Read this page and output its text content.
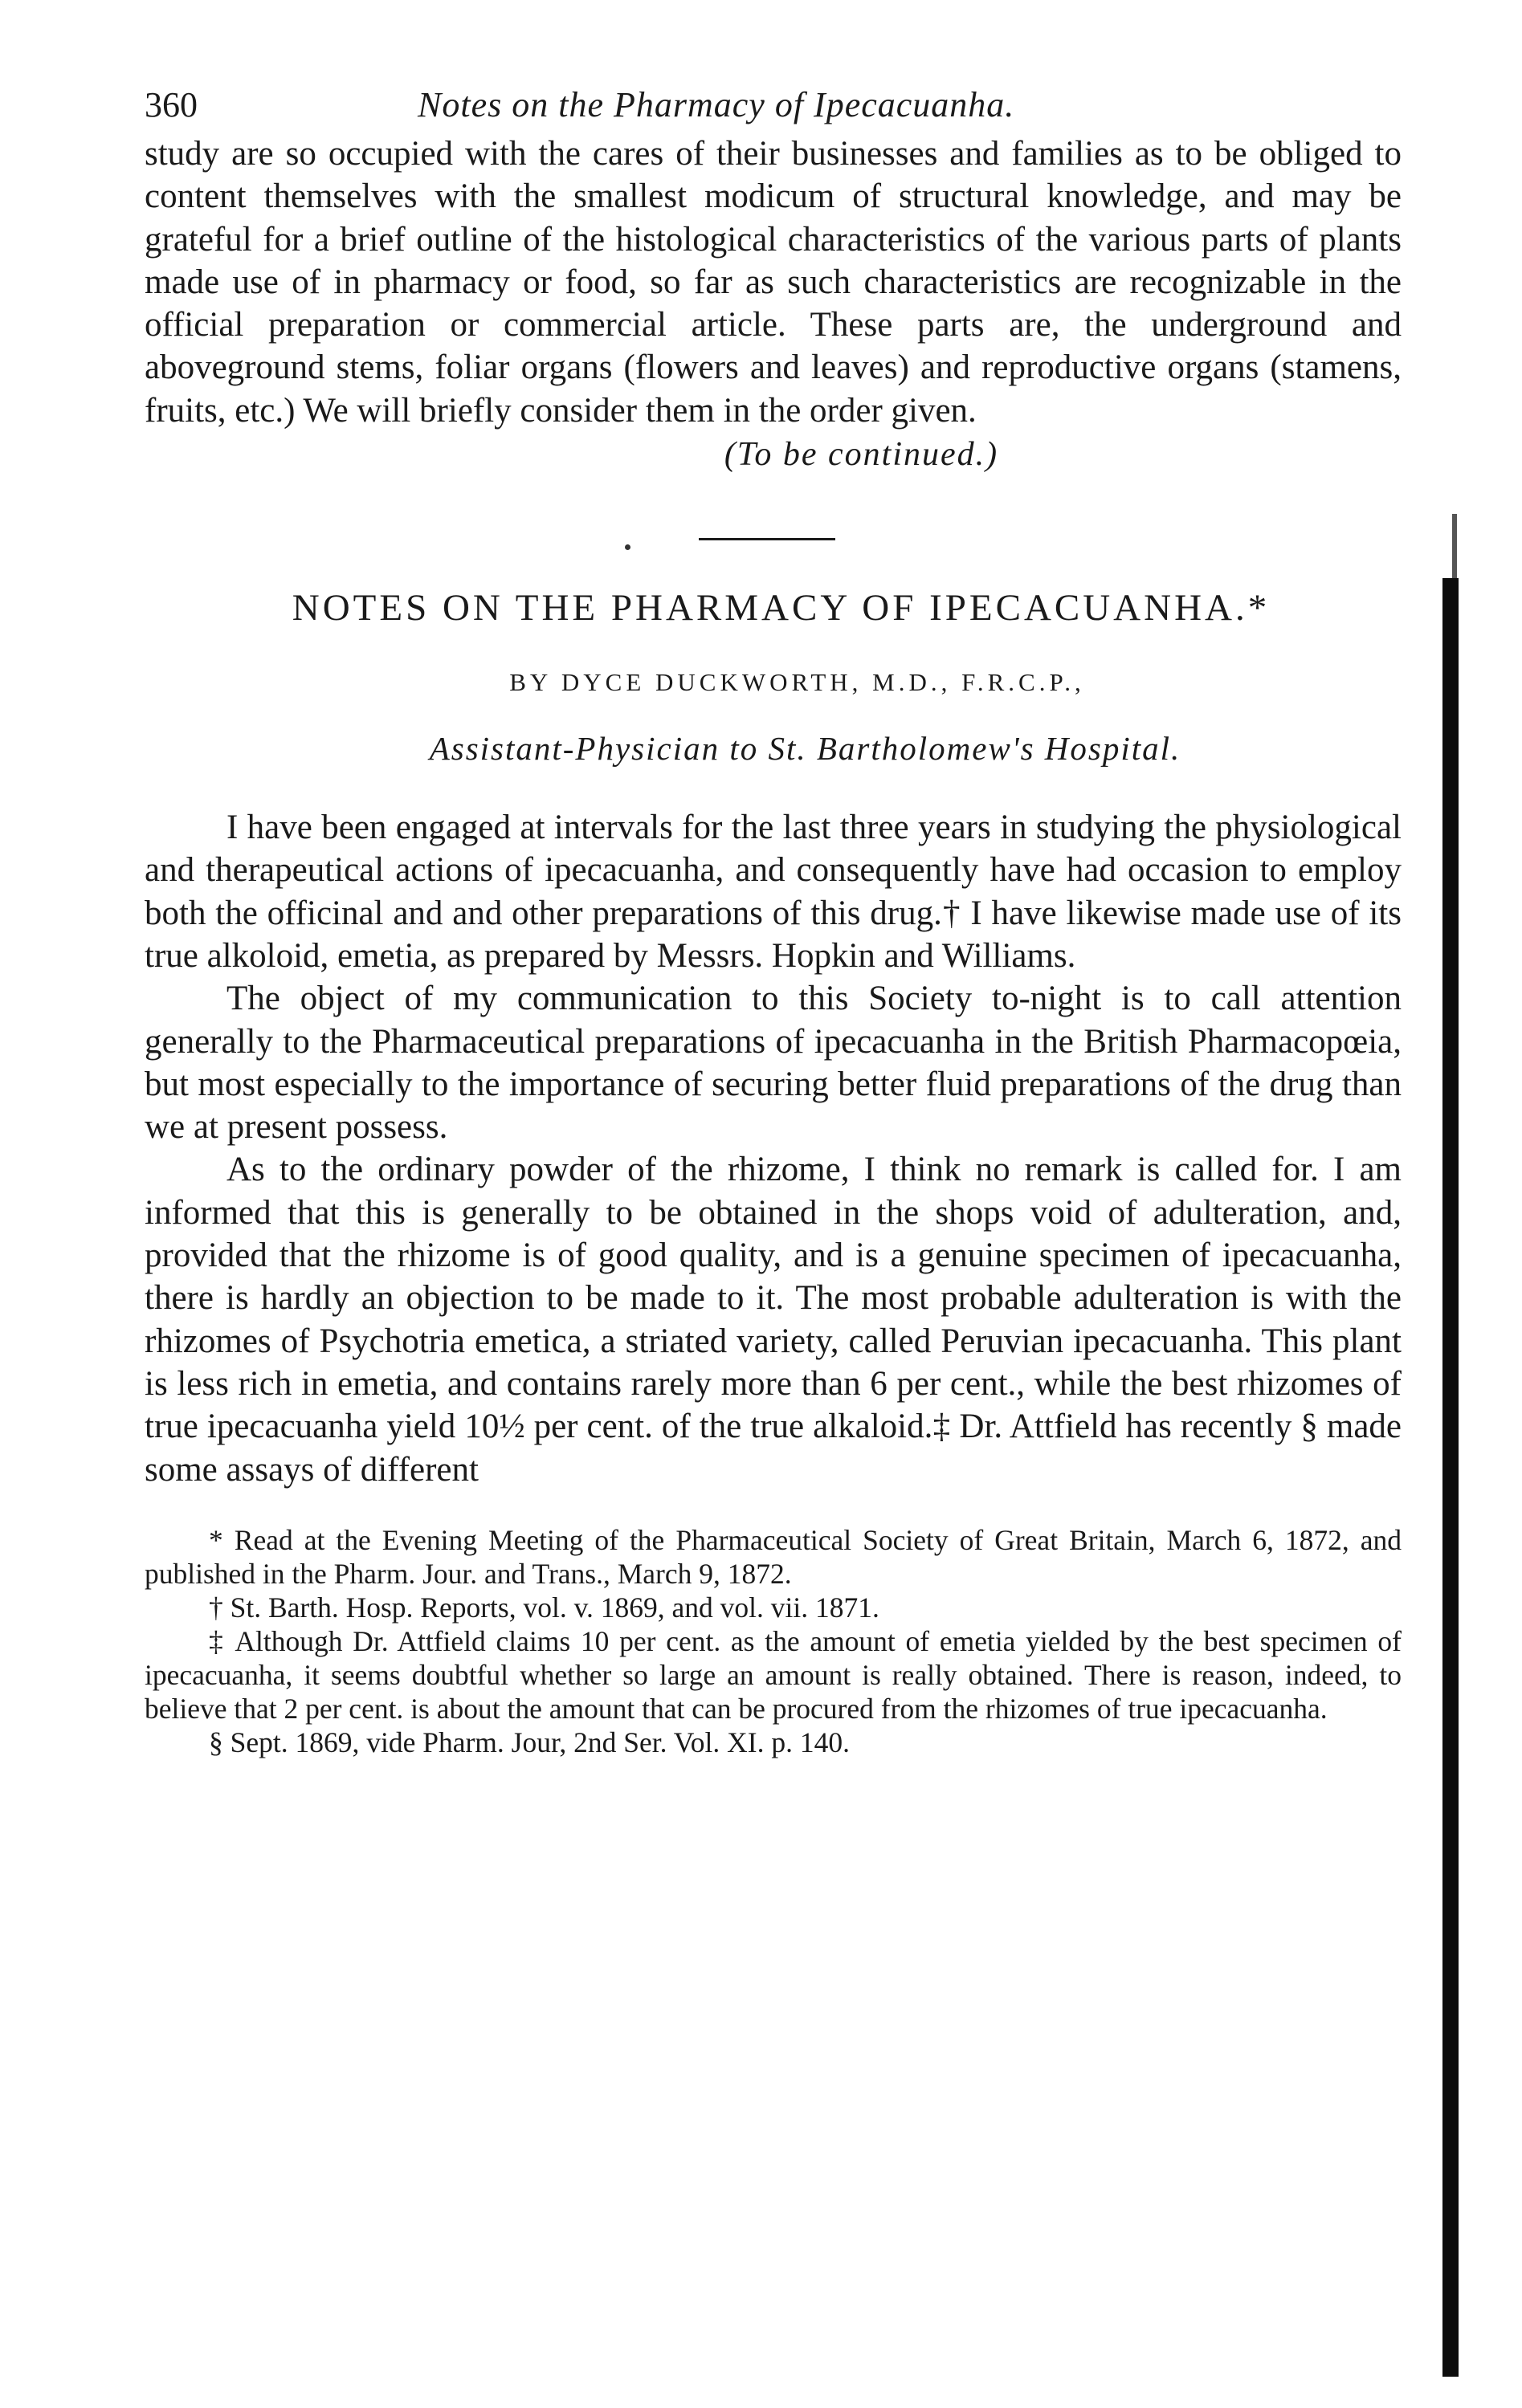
360	Notes on the Pharmacy of Ipecacuanha.

study are so occupied with the cares of their businesses and families as to be obliged to content themselves with the smallest modicum of structural knowledge, and may be grateful for a brief outline of the histological characteristics of the various parts of plants made use of in pharmacy or food, so far as such characteristics are recognizable in the official preparation or commercial article. These parts are, the underground and aboveground stems, foliar organs (flowers and leaves) and reproductive organs (stamens, fruits, etc.) We will briefly consider them in the order given.

(To be continued.)
NOTES ON THE PHARMACY OF IPECACUANHA.*
BY DYCE DUCKWORTH, M.D., F.R.C.P.,
Assistant-Physician to St. Bartholomew's Hospital.

I have been engaged at intervals for the last three years in studying the physiological and therapeutical actions of ipecacuanha, and consequently have had occasion to employ both the officinal and and other preparations of this drug.† I have likewise made use of its true alkoloid, emetia, as prepared by Messrs. Hopkin and Williams.

The object of my communication to this Society to-night is to call attention generally to the Pharmaceutical preparations of ipecacuanha in the British Pharmacopœia, but most especially to the importance of securing better fluid preparations of the drug than we at present possess.

As to the ordinary powder of the rhizome, I think no remark is called for. I am informed that this is generally to be obtained in the shops void of adulteration, and, provided that the rhizome is of good quality, and is a genuine specimen of ipecacuanha, there is hardly an objection to be made to it. The most probable adulteration is with the rhizomes of Psychotria emetica, a striated variety, called Peruvian ipecacuanha. This plant is less rich in emetia, and contains rarely more than 6 per cent., while the best rhizomes of true ipecacuanha yield 10½ per cent. of the true alkaloid.‡ Dr. Attfield has recently § made some assays of different

* Read at the Evening Meeting of the Pharmaceutical Society of Great Britain, March 6, 1872, and published in the Pharm. Jour. and Trans., March 9, 1872.

† St. Barth. Hosp. Reports, vol. v. 1869, and vol. vii. 1871.

‡ Although Dr. Attfield claims 10 per cent. as the amount of emetia yielded by the best specimen of ipecacuanha, it seems doubtful whether so large an amount is really obtained. There is reason, indeed, to believe that 2 per cent. is about the amount that can be procured from the rhizomes of true ipecacuanha.

§ Sept. 1869, vide Pharm. Jour, 2nd Ser. Vol. XI. p. 140.
